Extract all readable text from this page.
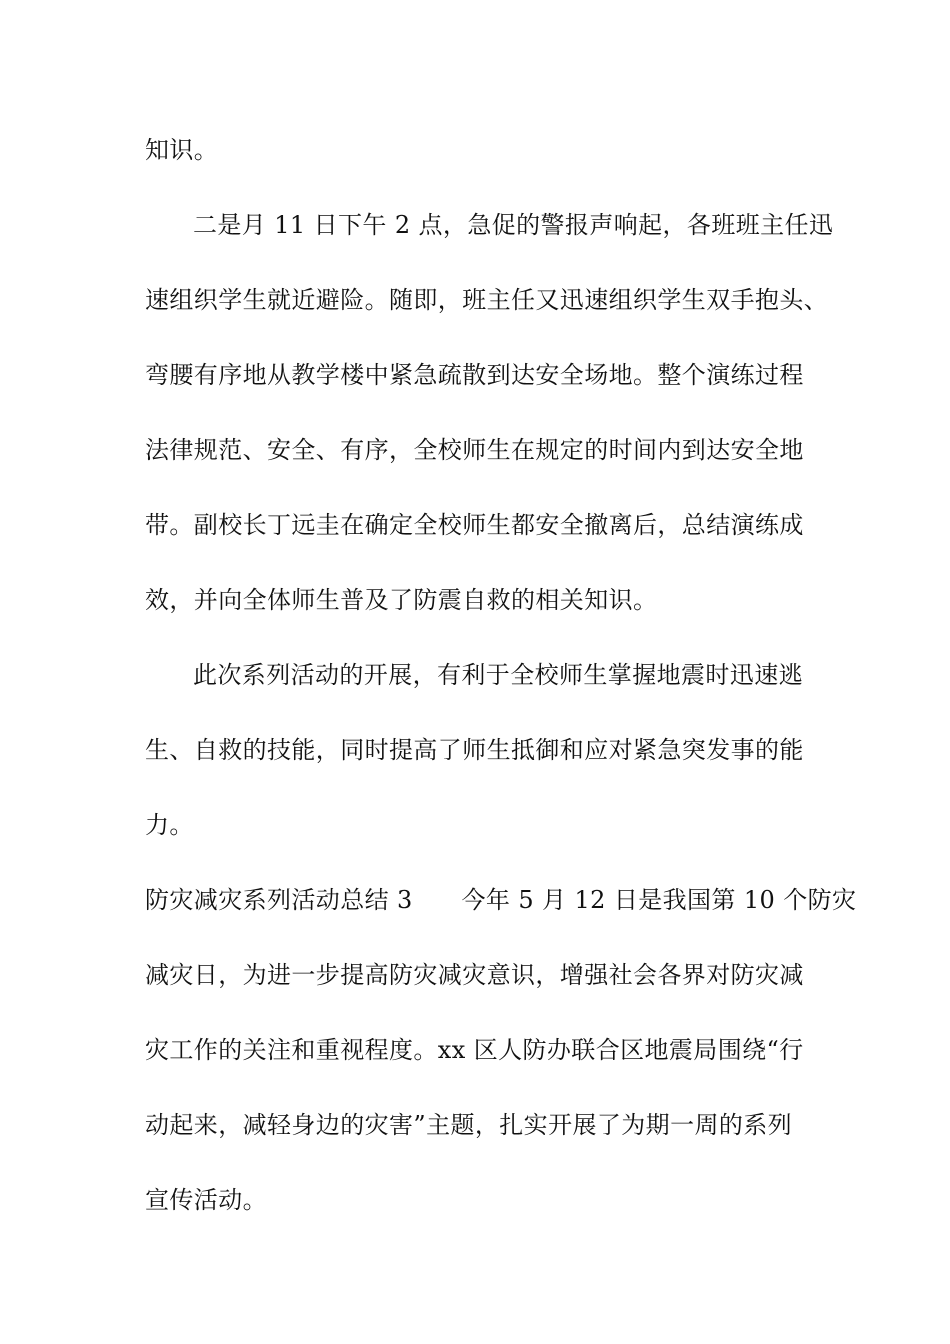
知识。
二是月 11 日下午 2 点，急促的警报声响起，各班班主任迅
速组织学生就近避险。随即，班主任又迅速组织学生双手抱头、
弯腰有序地从教学楼中紧急疏散到达安全场地。整个演练过程
法律规范、安全、有序，全校师生在规定的时间内到达安全地
带。副校长丁远圭在确定全校师生都安全撤离后，总结演练成
效，并向全体师生普及了防震自救的相关知识。
此次系列活动的开展，有利于全校师生掌握地震时迅速逃
生、自救的技能，同时提高了师生抵御和应对紧急突发事的能
力。
防灾减灾系列活动总结 3　　今年 5 月 12 日是我国第 10 个防灾
减灾日，为进一步提高防灾减灾意识，增强社会各界对防灾减
灾工作的关注和重视程度。xx 区人防办联合区地震局围绕“行
动起来，减轻身边的灾害”主题，扎实开展了为期一周的系列
宣传活动。
